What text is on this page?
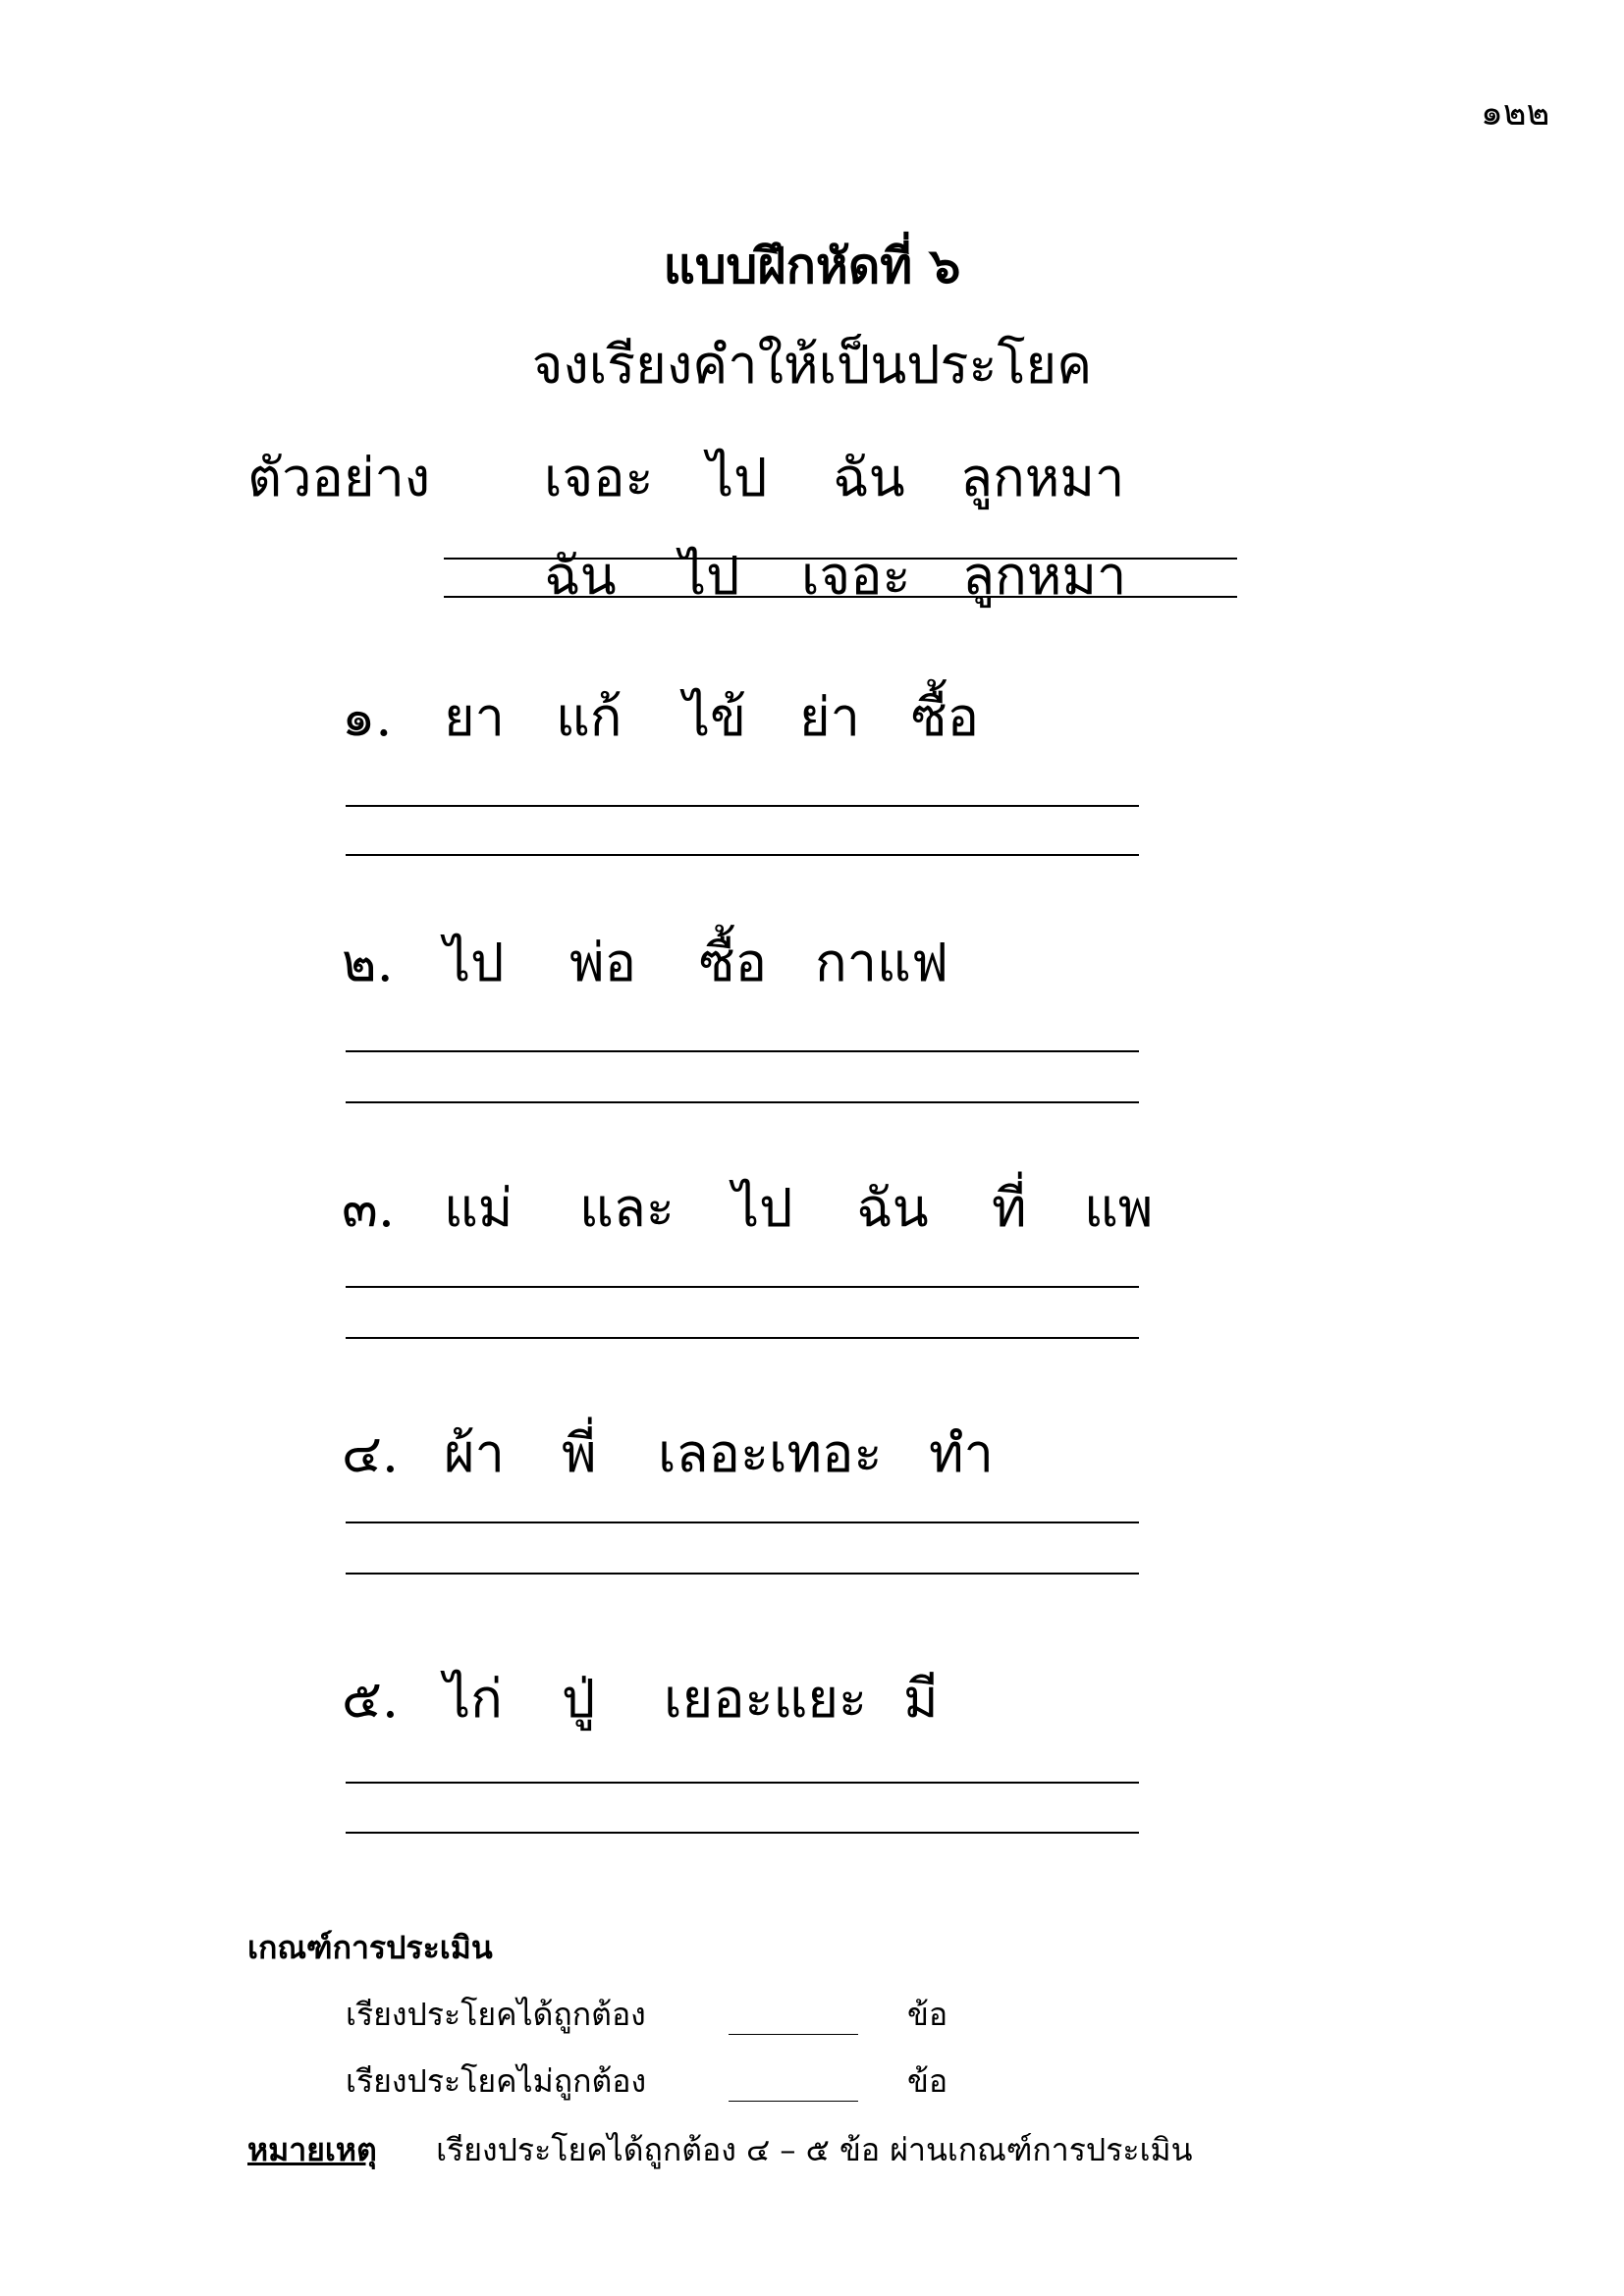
๑๒๒
แบบฝึกหัดที่ ๖
จงเรียงคำให้เป็นประโยค
ตัวอย่าง เจอะ ไป ฉัน ลูกหมา
ฉัน ไป เจอะ ลูกหมา
๑. ยา แก้ ไข้ ย่า ซื้อ
๒. ไป พ่อ ซื้อ กาแฟ
๓. แม่ และ ไป ฉัน ที่ แพ
๔. ผ้า พี่ เลอะเทอะ ทำ
๕. ไก่ ปู่ เยอะแยะ มี
เกณฑ์การประเมิน
เรียงประโยคได้ถูกต้อง	ข้อ
เรียงประโยคไม่ถูกต้อง	ข้อ
หมายเหตุ เรียงประโยคได้ถูกต้อง ๔ – ๕ ข้อ ผ่านเกณฑ์การประเมิน
